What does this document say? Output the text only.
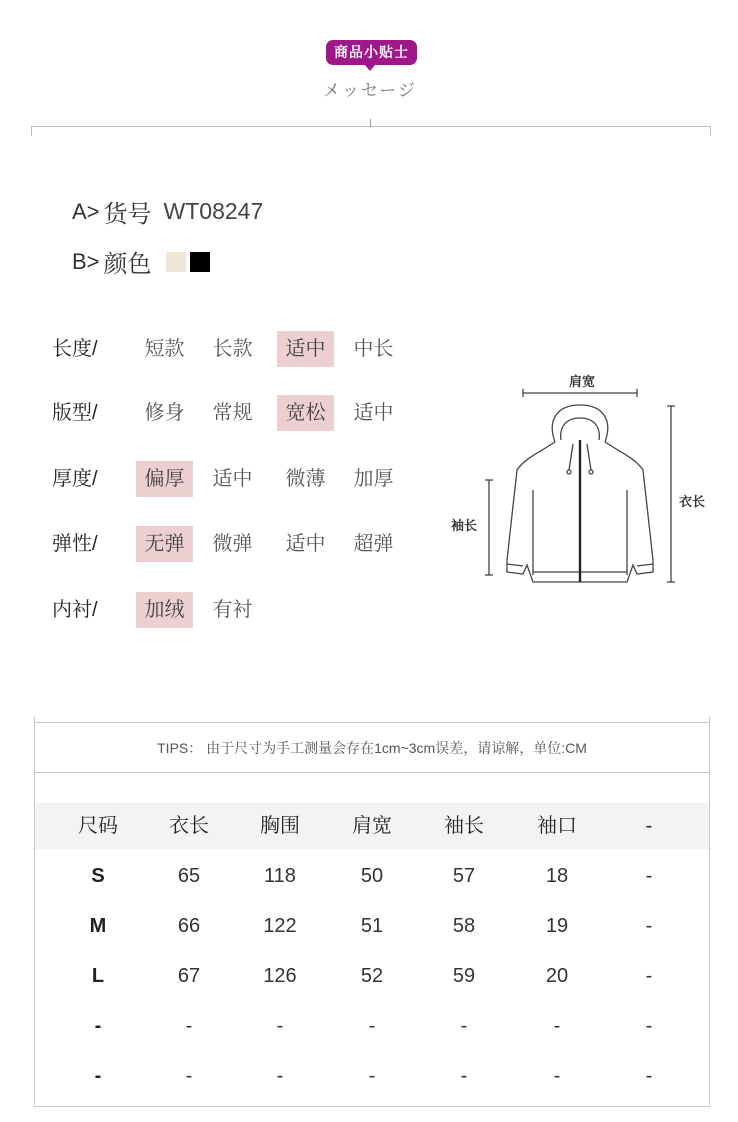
商品小贴士
メッセージ
A> 货号 WT08247
B> 颜色
长度/	短款	长款	适中	中长
版型/	修身	常规	宽松	适中
厚度/	偏厚	适中	微薄	加厚
弹性/	无弹	微弹	适中	超弹
内衬/	加绒	有衬
肩宽
袖长
衣长
TIPS： 由于尺寸为手工测量会存在1cm~3cm误差，请谅解，单位:CM
尺码	衣长	胸围	肩宽	袖长	袖口	-
S	65	118	50	57	18	-
M	66	122	51	58	19	-
L	67	126	52	59	20	-
-	-	-	-	-	-	-
-	-	-	-	-	-	-
